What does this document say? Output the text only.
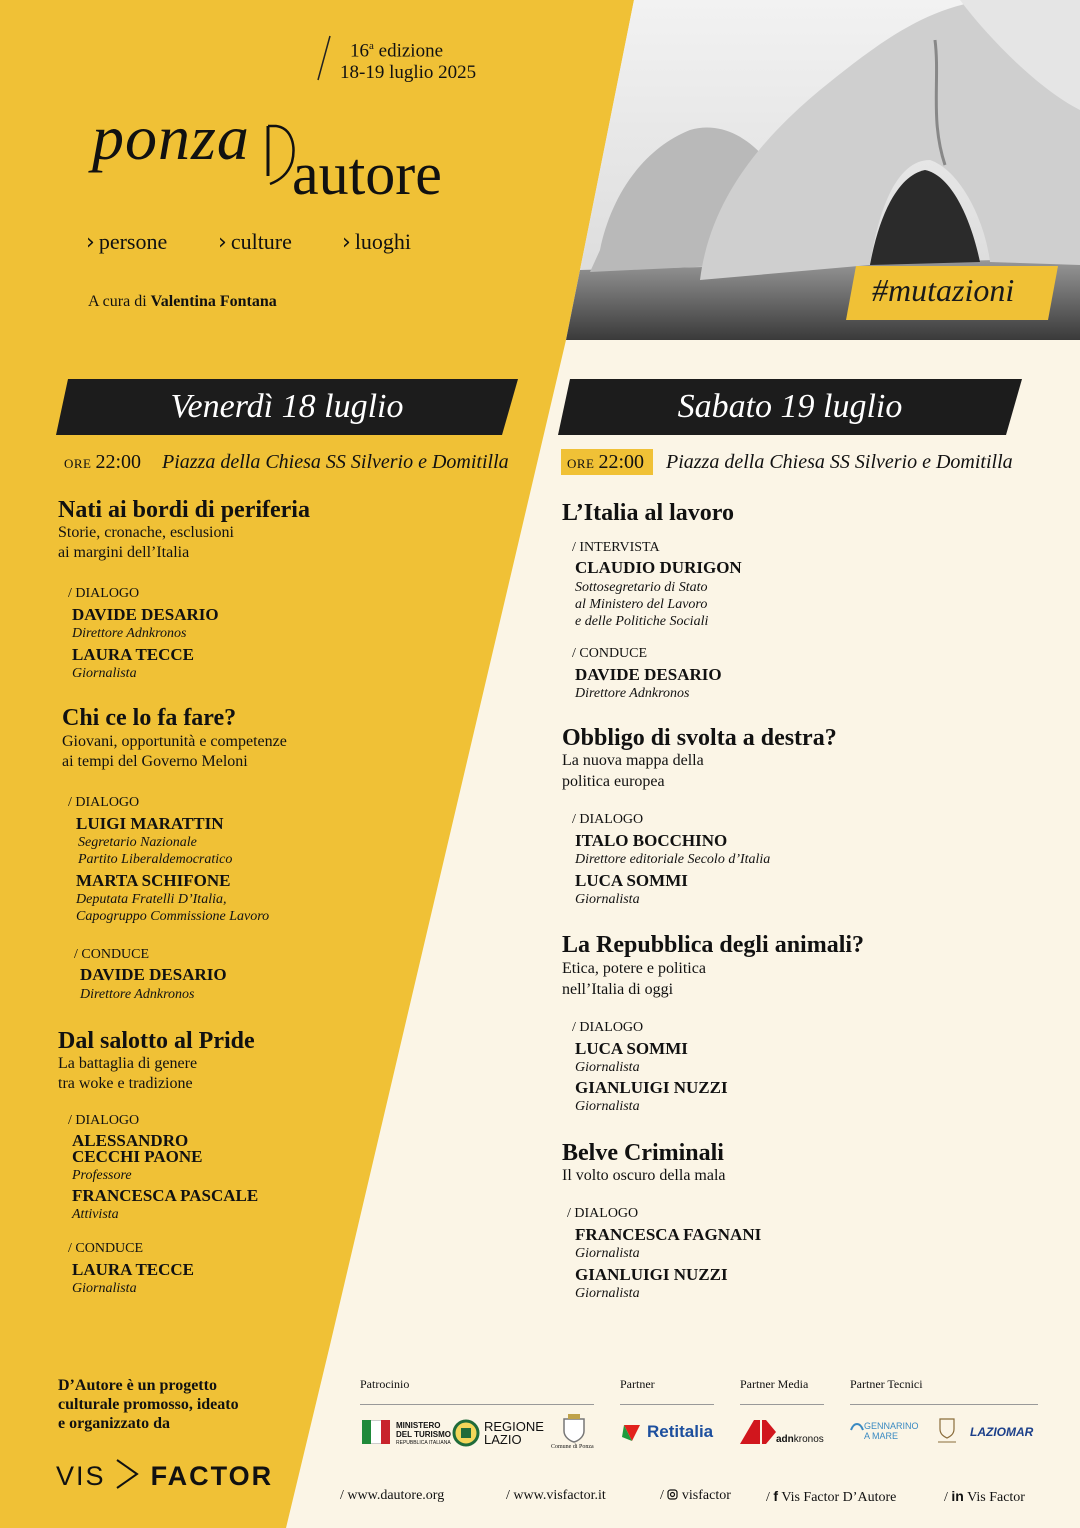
16$^a$ edizione
18-19 luglio 2025
ponza
autore
› persone › culture › luoghi
A cura di Valentina Fontana	#mutazioni
Venerdì 18 luglio
ORE 22:00	Piazza della Chiesa SS Silverio e Domitilla
Nati ai bordi di periferia
Storie, cronache, esclusioni
ai margini dell’Italia
/ DIALOGO
DAVIDE DESARIO
Direttore Adnkronos
LAURA TECCE
Giornalista
Chi ce lo fa fare?
Giovani, opportunità e competenze
ai tempi del Governo Meloni
/ DIALOGO
LUIGI MARATTIN
Segretario Nazionale
Partito Liberaldemocratico
MARTA SCHIFONE
Deputata Fratelli D’Italia,
Capogruppo Commissione Lavoro
/ CONDUCE
DAVIDE DESARIO
Direttore Adnkronos
Dal salotto al Pride
La battaglia di genere
tra woke e tradizione
/ DIALOGO
ALESSANDRO
CECCHI PAONE
Professore
FRANCESCA PASCALE
Attivista
/ CONDUCE
LAURA TECCE
Giornalista
Sabato 19 luglio
ORE 22:00	Piazza della Chiesa SS Silverio e Domitilla
L’Italia al lavoro
/ INTERVISTA
CLAUDIO DURIGON
Sottosegretario di Stato
al Ministero del Lavoro
e delle Politiche Sociali
/ CONDUCE
DAVIDE DESARIO
Direttore Adnkronos
Obbligo di svolta a destra?
La nuova mappa della
politica europea
/ DIALOGO
ITALO BOCCHINO
Direttore editoriale Secolo d’Italia
LUCA SOMMI
Giornalista
La Repubblica degli animali?
Etica, potere e politica
nell’Italia di oggi
/ DIALOGO
LUCA SOMMI
Giornalista
GIANLUIGI NUZZI
Giornalista
Belve Criminali
Il volto oscuro della mala
/ DIALOGO
FRANCESCA FAGNANI
Giornalista
GIANLUIGI NUZZI
Giornalista
D’Autore è un progetto
culturale promosso, ideato
e organizzato da
VIS FACTOR
Patrocinio	Partner	Partner Media	Partner Tecnici
MINISTERO
DEL TURISMO
REPUBBLICA ITALIANA
REGIONE
LAZIO	Comune di Ponza
Retitalia	adnkronos
GENNARINO
A MARE	LAZIOMAR
/ www.dautore.org	/ www.visfactor.it	/  visfactor	/ f Vis Factor D’Autore	/ in Vis Factor
